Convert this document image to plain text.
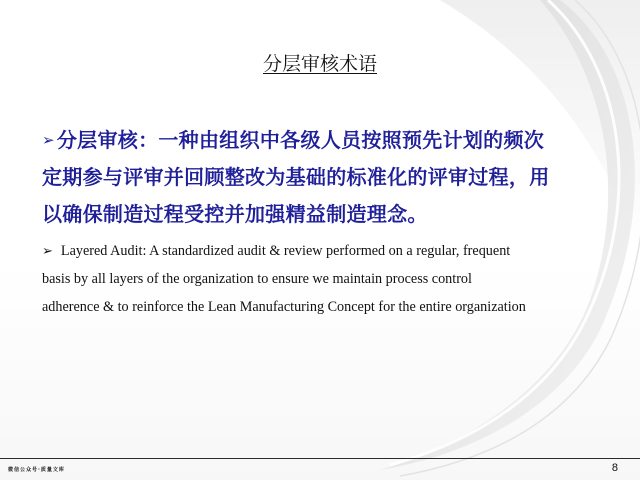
分层审核术语
➢ 分层审核：一种由组织中各级人员按照预先计划的频次
定期参与评审并回顾整改为基础的标准化的评审过程，用
以确保制造过程受控并加强精益制造理念。
➢ Layered Audit: A standardized audit & review performed on a regular, frequent
basis by all layers of the organization to ensure we maintain process control
adherence & to reinforce the Lean Manufacturing Concept for the entire organization
微信公众号·质量文库	8
